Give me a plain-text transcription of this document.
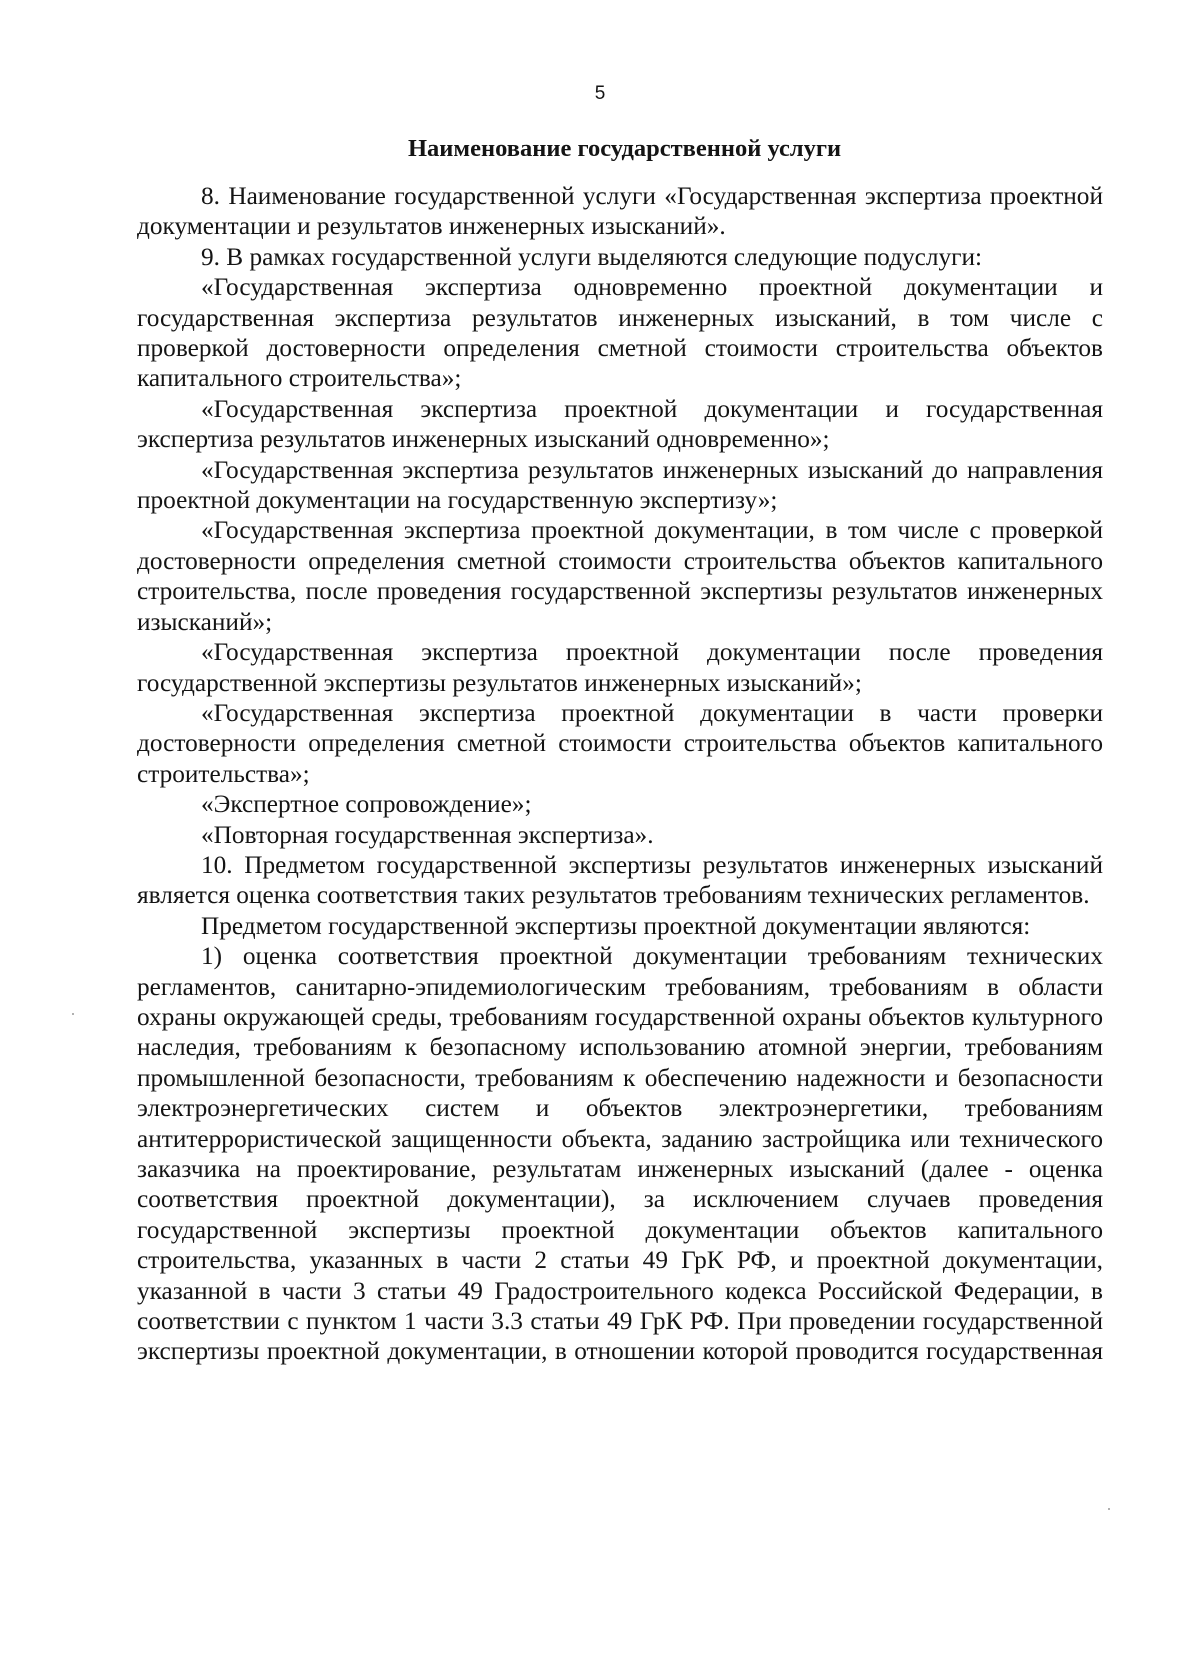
5
Наименование государственной услуги

8. Наименование государственной услуги «Государственная экспертиза проектной документации и результатов инженерных изысканий».

9. В рамках государственной услуги выделяются следующие подуслуги:

«Государственная экспертиза одновременно проектной документации и государственная экспертиза результатов инженерных изысканий, в том числе с проверкой достоверности определения сметной стоимости строительства объектов капитального строительства»;

«Государственная экспертиза проектной документации и государственная экспертиза результатов инженерных изысканий одновременно»;

«Государственная экспертиза результатов инженерных изысканий до направления проектной документации на государственную экспертизу»;

«Государственная экспертиза проектной документации, в том числе с проверкой достоверности определения сметной стоимости строительства объектов капитального строительства, после проведения государственной экспертизы результатов инженерных изысканий»;

«Государственная экспертиза проектной документации после проведения государственной экспертизы результатов инженерных изысканий»;

«Государственная экспертиза проектной документации в части проверки достоверности определения сметной стоимости строительства объектов капитального строительства»;

«Экспертное сопровождение»;

«Повторная государственная экспертиза».

10. Предметом государственной экспертизы результатов инженерных изысканий является оценка соответствия таких результатов требованиям технических регламентов.

Предметом государственной экспертизы проектной документации являются:

1) оценка соответствия проектной документации требованиям технических регламентов, санитарно-эпидемиологическим требованиям, требованиям в области охраны окружающей среды, требованиям государственной охраны объектов культурного наследия, требованиям к безопасному использованию атомной энергии, требованиям промышленной безопасности, требованиям к обеспечению надежности и безопасности электроэнергетических систем и объектов электроэнергетики, требованиям антитеррористической защищенности объекта, заданию застройщика или технического заказчика на проектирование, результатам инженерных изысканий (далее - оценка соответствия проектной документации), за исключением случаев проведения государственной экспертизы проектной документации объектов капитального строительства, указанных в части 2 статьи 49 ГрК РФ, и проектной документации, указанной в части 3 статьи 49 Градостроительного кодекса Российской Федерации, в соответствии с пунктом 1 части 3.3 статьи 49 ГрК РФ. При проведении государственной экспертизы проектной документации, в отношении которой проводится государственная
